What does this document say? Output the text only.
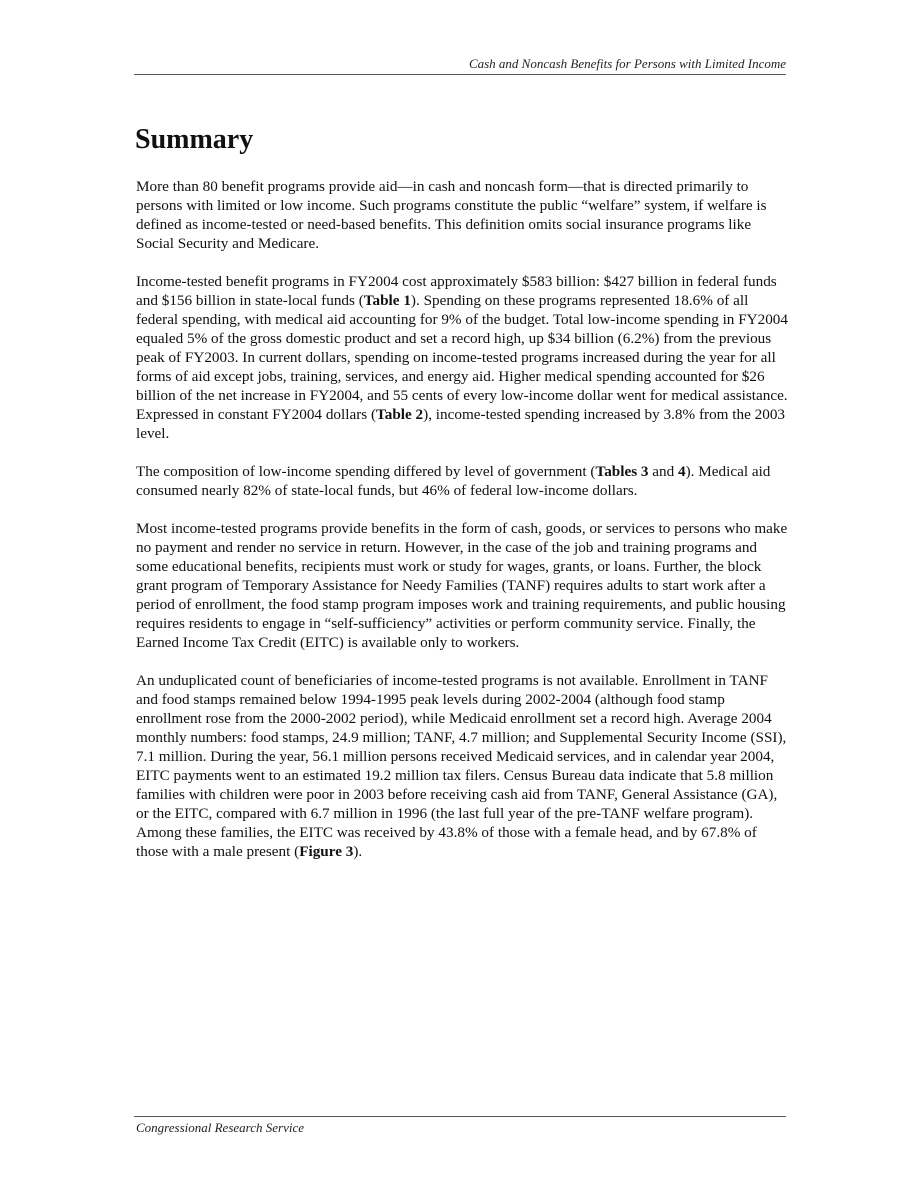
Cash and Noncash Benefits for Persons with Limited Income
Summary

More than 80 benefit programs provide aid—in cash and noncash form—that is directed primarily to persons with limited or low income. Such programs constitute the public “welfare” system, if welfare is defined as income-tested or need-based benefits. This definition omits social insurance programs like Social Security and Medicare.

Income-tested benefit programs in FY2004 cost approximately $583 billion: $427 billion in federal funds and $156 billion in state-local funds (Table 1). Spending on these programs represented 18.6% of all federal spending, with medical aid accounting for 9% of the budget. Total low-income spending in FY2004 equaled 5% of the gross domestic product and set a record high, up $34 billion (6.2%) from the previous peak of FY2003. In current dollars, spending on income-tested programs increased during the year for all forms of aid except jobs, training, services, and energy aid. Higher medical spending accounted for $26 billion of the net increase in FY2004, and 55 cents of every low-income dollar went for medical assistance. Expressed in constant FY2004 dollars (Table 2), income-tested spending increased by 3.8% from the 2003 level.

The composition of low-income spending differed by level of government (Tables 3 and 4). Medical aid consumed nearly 82% of state-local funds, but 46% of federal low-income dollars.

Most income-tested programs provide benefits in the form of cash, goods, or services to persons who make no payment and render no service in return. However, in the case of the job and training programs and some educational benefits, recipients must work or study for wages, grants, or loans. Further, the block grant program of Temporary Assistance for Needy Families (TANF) requires adults to start work after a period of enrollment, the food stamp program imposes work and training requirements, and public housing requires residents to engage in “self-sufficiency” activities or perform community service. Finally, the Earned Income Tax Credit (EITC) is available only to workers.

An unduplicated count of beneficiaries of income-tested programs is not available. Enrollment in TANF and food stamps remained below 1994-1995 peak levels during 2002-2004 (although food stamp enrollment rose from the 2000-2002 period), while Medicaid enrollment set a record high. Average 2004 monthly numbers: food stamps, 24.9 million; TANF, 4.7 million; and Supplemental Security Income (SSI), 7.1 million. During the year, 56.1 million persons received Medicaid services, and in calendar year 2004, EITC payments went to an estimated 19.2 million tax filers. Census Bureau data indicate that 5.8 million families with children were poor in 2003 before receiving cash aid from TANF, General Assistance (GA), or the EITC, compared with 6.7 million in 1996 (the last full year of the pre-TANF welfare program). Among these families, the EITC was received by 43.8% of those with a female head, and by 67.8% of those with a male present (Figure 3).

Congressional Research Service
